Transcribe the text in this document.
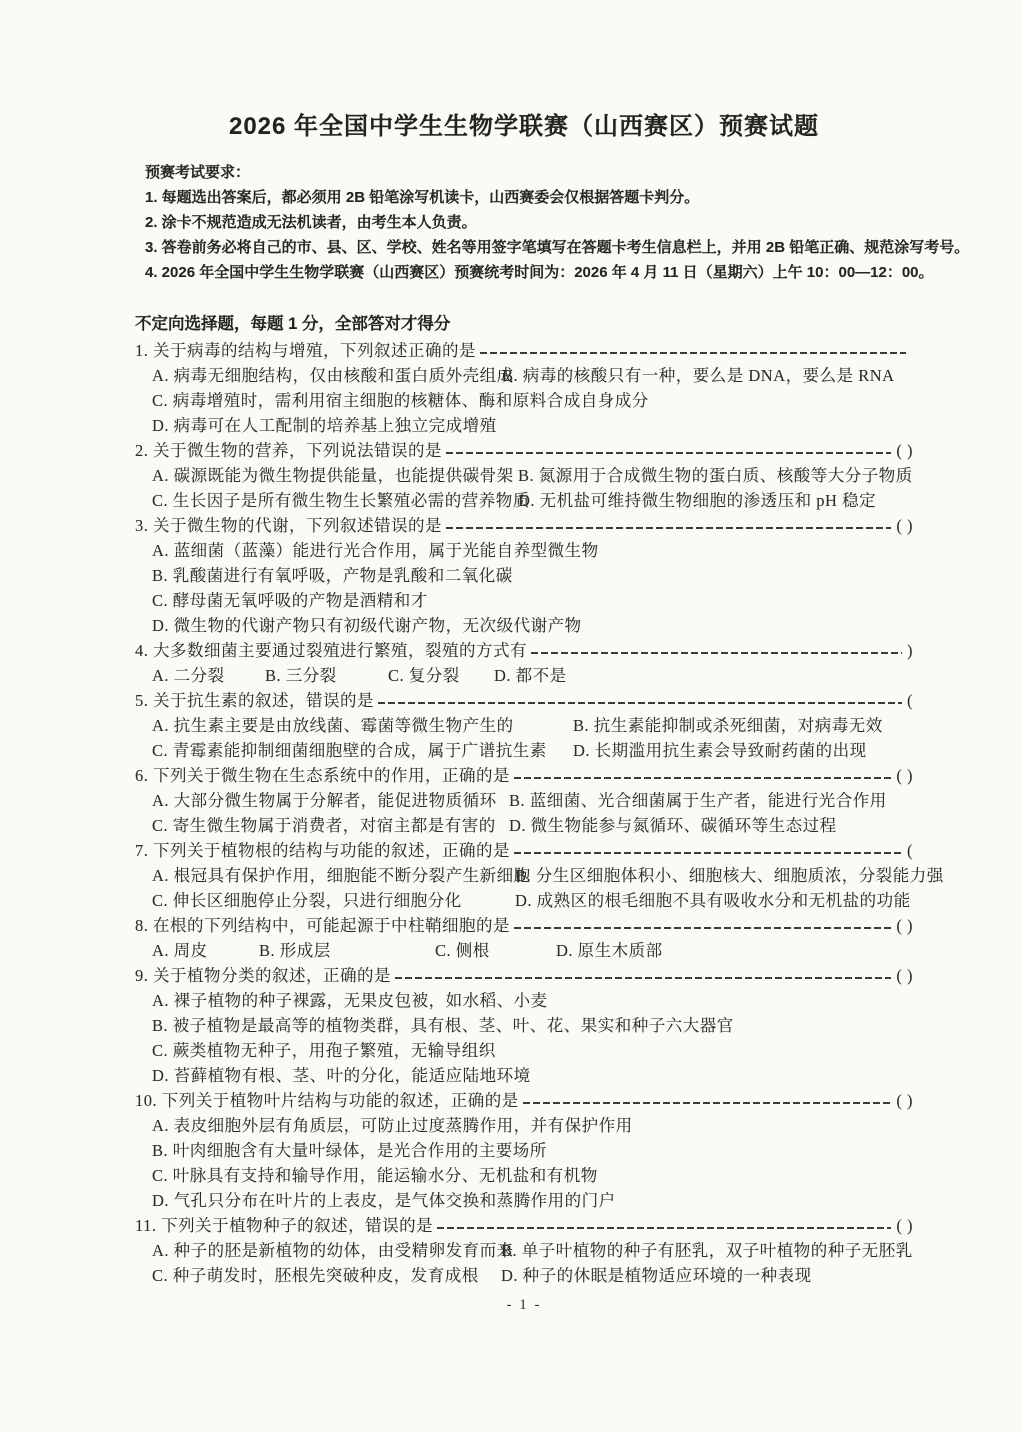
2026 年全国中学生生物学联赛（山西赛区）预赛试题
预赛考试要求：
1. 每题选出答案后，都必须用 2B 铅笔涂写机读卡，山西赛委会仅根据答题卡判分。
2. 涂卡不规范造成无法机读者，由考生本人负责。
3. 答卷前务必将自己的市、县、区、学校、姓名等用签字笔填写在答题卡考生信息栏上，并用 2B 铅笔正确、规范涂写考号。
4. 2026 年全国中学生生物学联赛（山西赛区）预赛统考时间为：2026 年 4 月 11 日（星期六）上午 10：00—12：00。
不定向选择题，每题 1 分，全部答对才得分
1. 关于病毒的结构与增殖，下列叙述正确的是
A. 病毒无细胞结构，仅由核酸和蛋白质外壳组成
B. 病毒的核酸只有一种，要么是 DNA，要么是 RNA
C. 病毒增殖时，需利用宿主细胞的核糖体、酶和原料合成自身成分
D. 病毒可在人工配制的培养基上独立完成增殖
2. 关于微生物的营养，下列说法错误的是	( )
A. 碳源既能为微生物提供能量，也能提供碳骨架 B. 氮源用于合成微生物的蛋白质、核酸等大分子物质
C. 生长因子是所有微生物生长繁殖必需的营养物质
D. 无机盐可维持微生物细胞的渗透压和 pH 稳定
3. 关于微生物的代谢，下列叙述错误的是	( )
A. 蓝细菌（蓝藻）能进行光合作用，属于光能自养型微生物
B. 乳酸菌进行有氧呼吸，产物是乳酸和二氧化碳
C. 酵母菌无氧呼吸的产物是酒精和才
D. 微生物的代谢产物只有初级代谢产物，无次级代谢产物
4. 大多数细菌主要通过裂殖进行繁殖，裂殖的方式有	)
A. 二分裂	B. 三分裂	C. 复分裂	D. 都不是
5. 关于抗生素的叙述，错误的是	(
A. 抗生素主要是由放线菌、霉菌等微生物产生的	B. 抗生素能抑制或杀死细菌，对病毒无效
C. 青霉素能抑制细菌细胞壁的合成，属于广谱抗生素	D. 长期滥用抗生素会导致耐药菌的出现
6. 下列关于微生物在生态系统中的作用，正确的是	( )
A. 大部分微生物属于分解者，能促进物质循环 B. 蓝细菌、光合细菌属于生产者，能进行光合作用
C. 寄生微生物属于消费者，对宿主都是有害的 D. 微生物能参与氮循环、碳循环等生态过程
7. 下列关于植物根的结构与功能的叙述，正确的是	(
A. 根冠具有保护作用，细胞能不断分裂产生新细胞
B. 分生区细胞体积小、细胞核大、细胞质浓，分裂能力强
C. 伸长区细胞停止分裂，只进行细胞分化	D. 成熟区的根毛细胞不具有吸收水分和无机盐的功能
8. 在根的下列结构中，可能起源于中柱鞘细胞的是	( )
A. 周皮	B. 形成层	C. 侧根	D. 原生木质部
9. 关于植物分类的叙述，正确的是	( )
A. 裸子植物的种子裸露，无果皮包被，如水稻、小麦
B. 被子植物是最高等的植物类群，具有根、茎、叶、花、果实和种子六大器官
C. 蕨类植物无种子，用孢子繁殖，无输导组织
D. 苔藓植物有根、茎、叶的分化，能适应陆地环境
10. 下列关于植物叶片结构与功能的叙述，正确的是	( )
A. 表皮细胞外层有角质层，可防止过度蒸腾作用，并有保护作用
B. 叶肉细胞含有大量叶绿体，是光合作用的主要场所
C. 叶脉具有支持和输导作用，能运输水分、无机盐和有机物
D. 气孔只分布在叶片的上表皮，是气体交换和蒸腾作用的门户
11. 下列关于植物种子的叙述，错误的是	( )
A. 种子的胚是新植物的幼体，由受精卵发育而来
B. 单子叶植物的种子有胚乳，双子叶植物的种子无胚乳
C. 种子萌发时，胚根先突破种皮，发育成根	D. 种子的休眠是植物适应环境的一种表现
- 1 -
